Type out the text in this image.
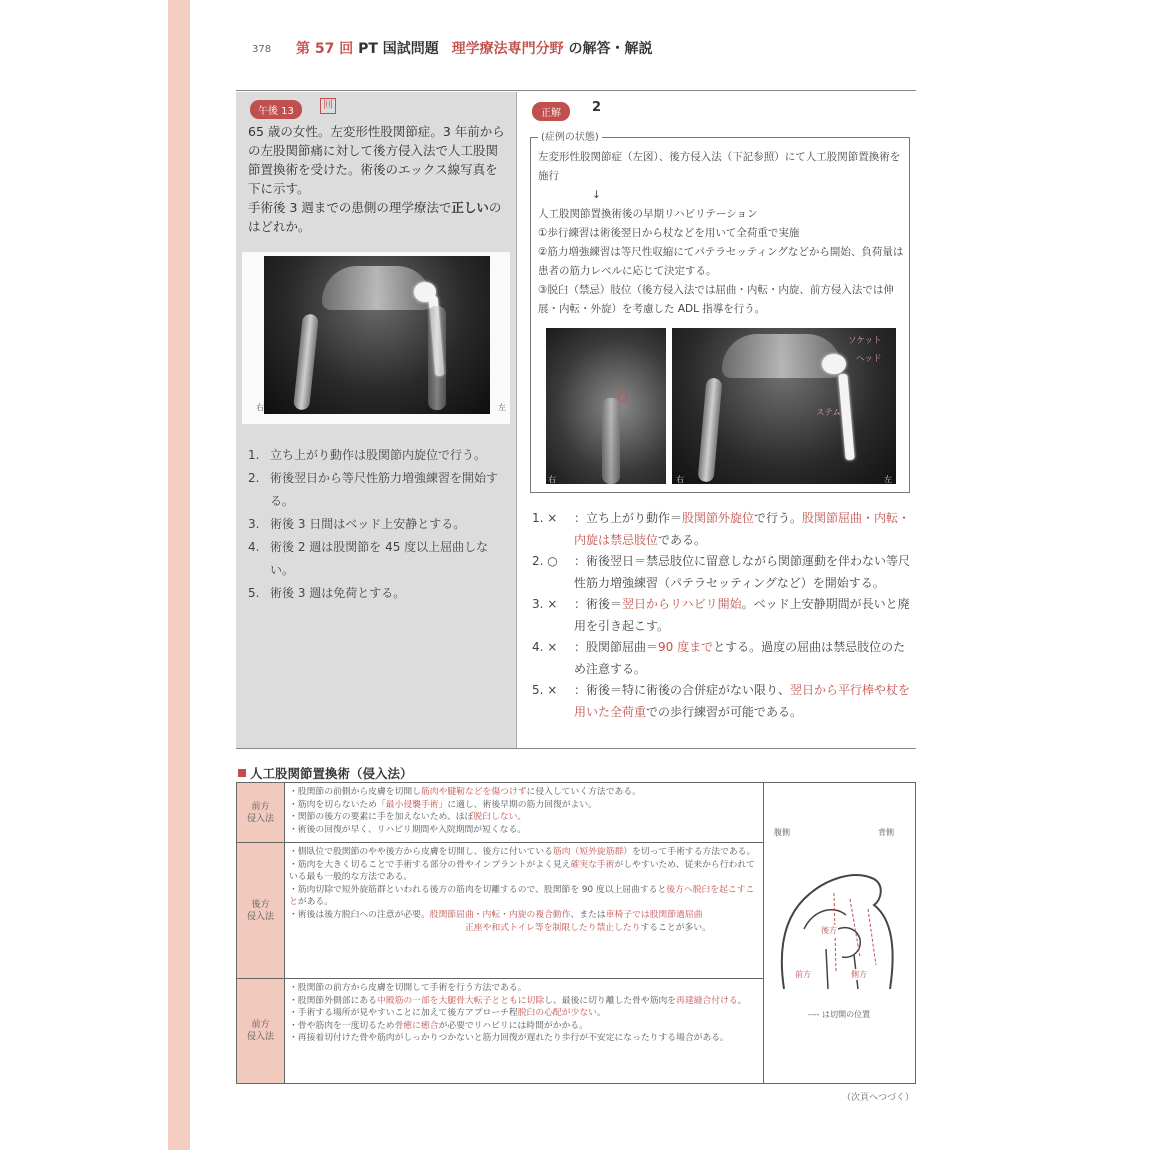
378 第 57 回 PT 国試問題 理学療法専門分野 の解答・解説
午後 13
回
65 歳の女性。左変形性股関節症。3 年前からの左股関節痛に対して後方侵入法で人工股関節置換術を受けた。術後のエックス線写真を下に示す。
手術後 3 週までの患側の理学療法で正しいのはどれか。
右	左
1. 立ち上がり動作は股関節内旋位で行う。
2. 術後翌日から等尺性筋力増強練習を開始する。
3. 術後 3 日間はベッド上安静とする。
4. 術後 2 週は股関節を 45 度以上屈曲しない。
5. 術後 3 週は免荷とする。
正解	2
(症例の状態)
左変形性股関節症（左図）、後方侵入法（下記参照）にて人工股関節置換術を施行
↓
人工股関節置換術後の早期リハビリテーション
①歩行練習は術後翌日から杖などを用いて全荷重で実施
②筋力増強練習は等尺性収縮にてパテラセッティングなどから開始、負荷量は患者の筋力レベルに応じて決定する。
③脱臼（禁忌）肢位（後方侵入法では屈曲・内転・内旋、前方侵入法では伸展・内転・外旋）を考慮した ADL 指導を行う。
右
ソケット
ヘッド
ステム
右	左
1. ×	：立ち上がり動作＝股関節外旋位で行う。股関節屈曲・内転・内旋は禁忌肢位である。
2. ○	：術後翌日＝禁忌肢位に留意しながら関節運動を伴わない等尺性筋力増強練習（パテラセッティングなど）を開始する。
3. ×	：術後＝翌日からリハビリ開始。ベッド上安静期間が長いと廃用を引き起こす。
4. ×	：股関節屈曲＝90 度までとする。過度の屈曲は禁忌肢位のため注意する。
5. ×	：術後＝特に術後の合併症がない限り、翌日から平行棒や杖を用いた全荷重での歩行練習が可能である。
人工股関節置換術（侵入法）
前方
侵入法
・股関節の前側から皮膚を切開し筋肉や腱靭などを傷つけずに侵入していく方法である。
・筋肉を切らないため「最小侵襲手術」に適し、術後早期の筋力回復がよい。
・関節の後方の要素に手を加えないため、ほぼ脱臼しない。
・術後の回復が早く、リハビリ期間や入院期間が短くなる。
後方
侵入法
・側臥位で股関節のやや後方から皮膚を切開し、後方に付いている筋肉（短外旋筋群）を切って手術する方法である。
・筋肉を大きく切ることで手術する部分の骨やインプラントがよく見え確実な手術がしやすいため、従来から行われている最も一般的な方法である。
・筋肉切除で短外旋筋群といわれる後方の筋肉を切離するので、股関節を 90 度以上屈曲すると後方へ脱臼を起こすことがある。
・術後は後方脱臼への注意が必要。股関節屈曲・内転・内旋の複合動作、または車椅子では股関節過屈曲
正座や和式トイレ等を制限したり禁止したりすることが多い。
前方
侵入法
・股関節の前方から皮膚を切開して手術を行う方法である。
・股関節外側部にある中殿筋の一部を大腿骨大転子とともに切除し、最後に切り離した骨や筋肉を再建縫合付ける。
・手術する場所が見やすいことに加えて後方アプローチ程脱臼の心配が少ない。
・骨や筋肉を一度切るため骨癒に癒合が必要でリハビリには時間がかかる。
・再接着切付けた骨や筋肉がしっかりつかないと筋力回復が遅れたり歩行が不安定になったりする場合がある。
腹側	背側
後方
前方	側方
---- は切開の位置
（次頁へつづく）
